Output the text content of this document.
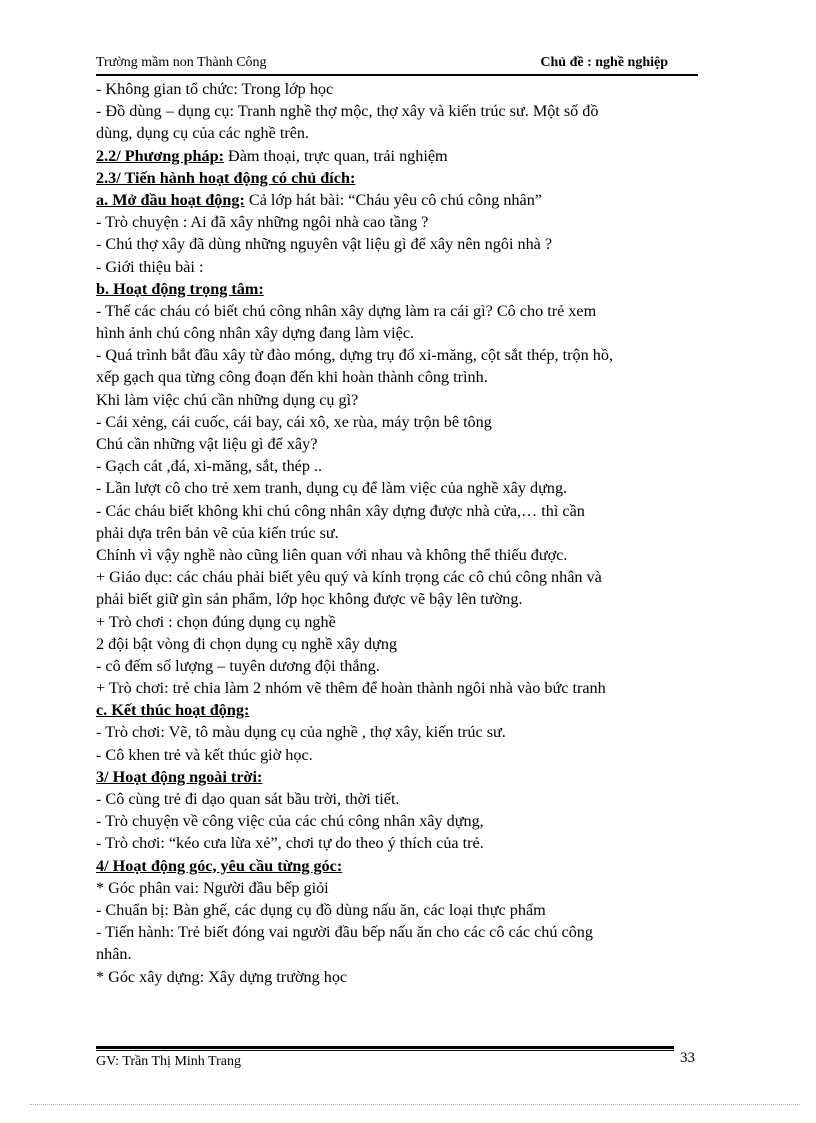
Trường mầm non Thành Công	Chủ đề : nghề nghiệp
- Không gian tổ chức: Trong lớp học
- Đồ dùng – dụng cụ: Tranh nghề thợ mộc, thợ xây và kiến trúc sư. Một số đồ
dùng, dụng cụ của các nghề trên.
2.2/ Phương pháp: Đàm thoại, trực quan, trải nghiệm
2.3/ Tiến hành hoạt động có chủ đích:
a. Mở đầu hoạt động: Cả lớp hát bài: “Cháu yêu cô chú công nhân”
- Trò chuyện : Ai đã xây những ngôi nhà cao tầng ?
- Chú thợ xây đã dùng những nguyên vật liệu gì để xây nên ngôi nhà ?
- Giới thiệu bài :
b. Hoạt động trọng tâm:
- Thế các cháu có biết chú công nhân xây dựng làm ra cái gì? Cô cho trẻ xem
hình ảnh chú công nhân xây dựng đang làm việc.
- Quá trình bắt đầu xây từ đào móng, dựng trụ đổ xi-măng, cột sắt thép, trộn hồ,
xếp gạch qua từng công đoạn đến khi hoàn thành công trình.
Khi làm việc chú cần những dụng cụ gì?
- Cái xẻng, cái cuốc, cái bay, cái xô, xe rùa, máy trộn bê tông
Chú cần những vật liệu gì để xây?
- Gạch cát ,đá, xi-măng, sắt, thép ..
- Lần lượt cô cho trẻ xem tranh, dụng cụ để làm việc của nghề xây dựng.
- Các cháu biết không khi chú công nhân xây dựng được nhà cửa,… thì cần
phải dựa trên bản vẽ của kiến trúc sư.
Chính vì vậy nghề nào cũng liên quan với nhau và không thể thiếu được.
+ Giáo dục: các cháu phải biết yêu quý và kính trọng các cô chú công nhân và
phải biết giữ gìn sản phẩm, lớp học không được vẽ bậy lên tường.
+ Trò chơi : chọn đúng dụng cụ nghề
2 đội bật vòng đi chọn dụng cụ nghề xây dựng
- cô đếm số lượng – tuyên dương đội thắng.
+ Trò chơi: trẻ chia làm 2 nhóm vẽ thêm để hoàn thành ngôi nhà vào bức tranh
c. Kết thúc hoạt động:
- Trò chơi: Vẽ, tô màu dụng cụ của nghề , thợ xây, kiến trúc sư.
- Cô khen trẻ và kết thúc giờ học.
3/ Hoạt động ngoài trời:
- Cô cùng trẻ đi dạo quan sát bầu trời, thời tiết.
- Trò chuyện về công việc của các chú công nhân xây dựng,
- Trò chơi: “kéo cưa lừa xẻ”, chơi tự do theo ý thích của trẻ.
4/ Hoạt động góc, yêu cầu từng góc:
* Góc phân vai: Người đầu bếp giỏi
- Chuẩn bị: Bàn ghế, các dụng cụ đồ dùng nấu ăn, các loại thực phẩm
- Tiến hành: Trẻ biết đóng vai người đầu bếp nấu ăn cho các cô các chú công
nhân.
* Góc xây dựng: Xây dựng trường học
GV: Trần Thị Minh Trang	33
